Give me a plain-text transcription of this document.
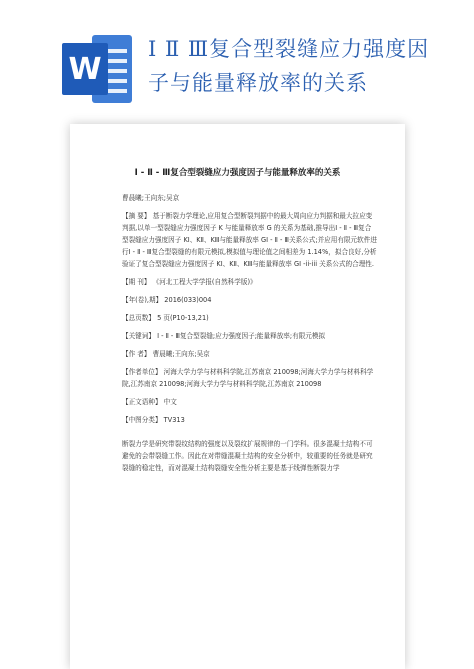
W
Ⅰ Ⅱ Ⅲ复合型裂缝应力强度因
子与能量释放率的关系
Ⅰ - Ⅱ - Ⅲ复合型裂缝应力强度因子与能量释放率的关系

曹晨曦;王向东;吴京

【摘 要】 基于断裂力学理论,应用复合型断裂判据中的最大周向应力判据和最大拉应变判据,以单一型裂缝应力强度因子 K 与能量释放率 G 的关系为基础,推导出Ⅰ - Ⅱ - Ⅲ复合型裂缝应力强度因子 KⅠ、KⅡ、KⅢ与能量释放率 GⅠ - Ⅱ - Ⅲ关系公式;并应用有限元软件进行Ⅰ - Ⅱ - Ⅲ复合型裂缝的有限元模拟,模拟值与理论值之间相差为 1.14%，拟合良好,分析验证了复合型裂缝应力强度因子 KⅠ、KⅡ、KⅢ与能量释放率 GⅠ -ii-iii 关系公式的合理性.

【期 刊】 《河北工程大学学报(自然科学版)》

【年(卷),期】 2016(033)004

【总页数】 5 页(P10-13,21)

【关键词】 Ⅰ - Ⅱ - Ⅲ复合型裂缝;应力强度因子;能量释放率;有限元模拟

【作 者】 曹晨曦;王向东;吴京

【作者单位】 河海大学力学与材料科学院,江苏南京 210098;河海大学力学与材料科学院,江苏南京 210098;河海大学力学与材料科学院,江苏南京 210098

【正文语种】 中文

【中图分类】 TV313

断裂力学是研究带裂纹结构的强度以及裂纹扩展规律的一门学科。很多混凝土结构不可避免的会带裂缝工作。因此在对带缝混凝土结构的安全分析中，较重要的任务就是研究裂缝的稳定性，而对混凝土结构裂缝安全性分析主要是基于线弹性断裂力学
